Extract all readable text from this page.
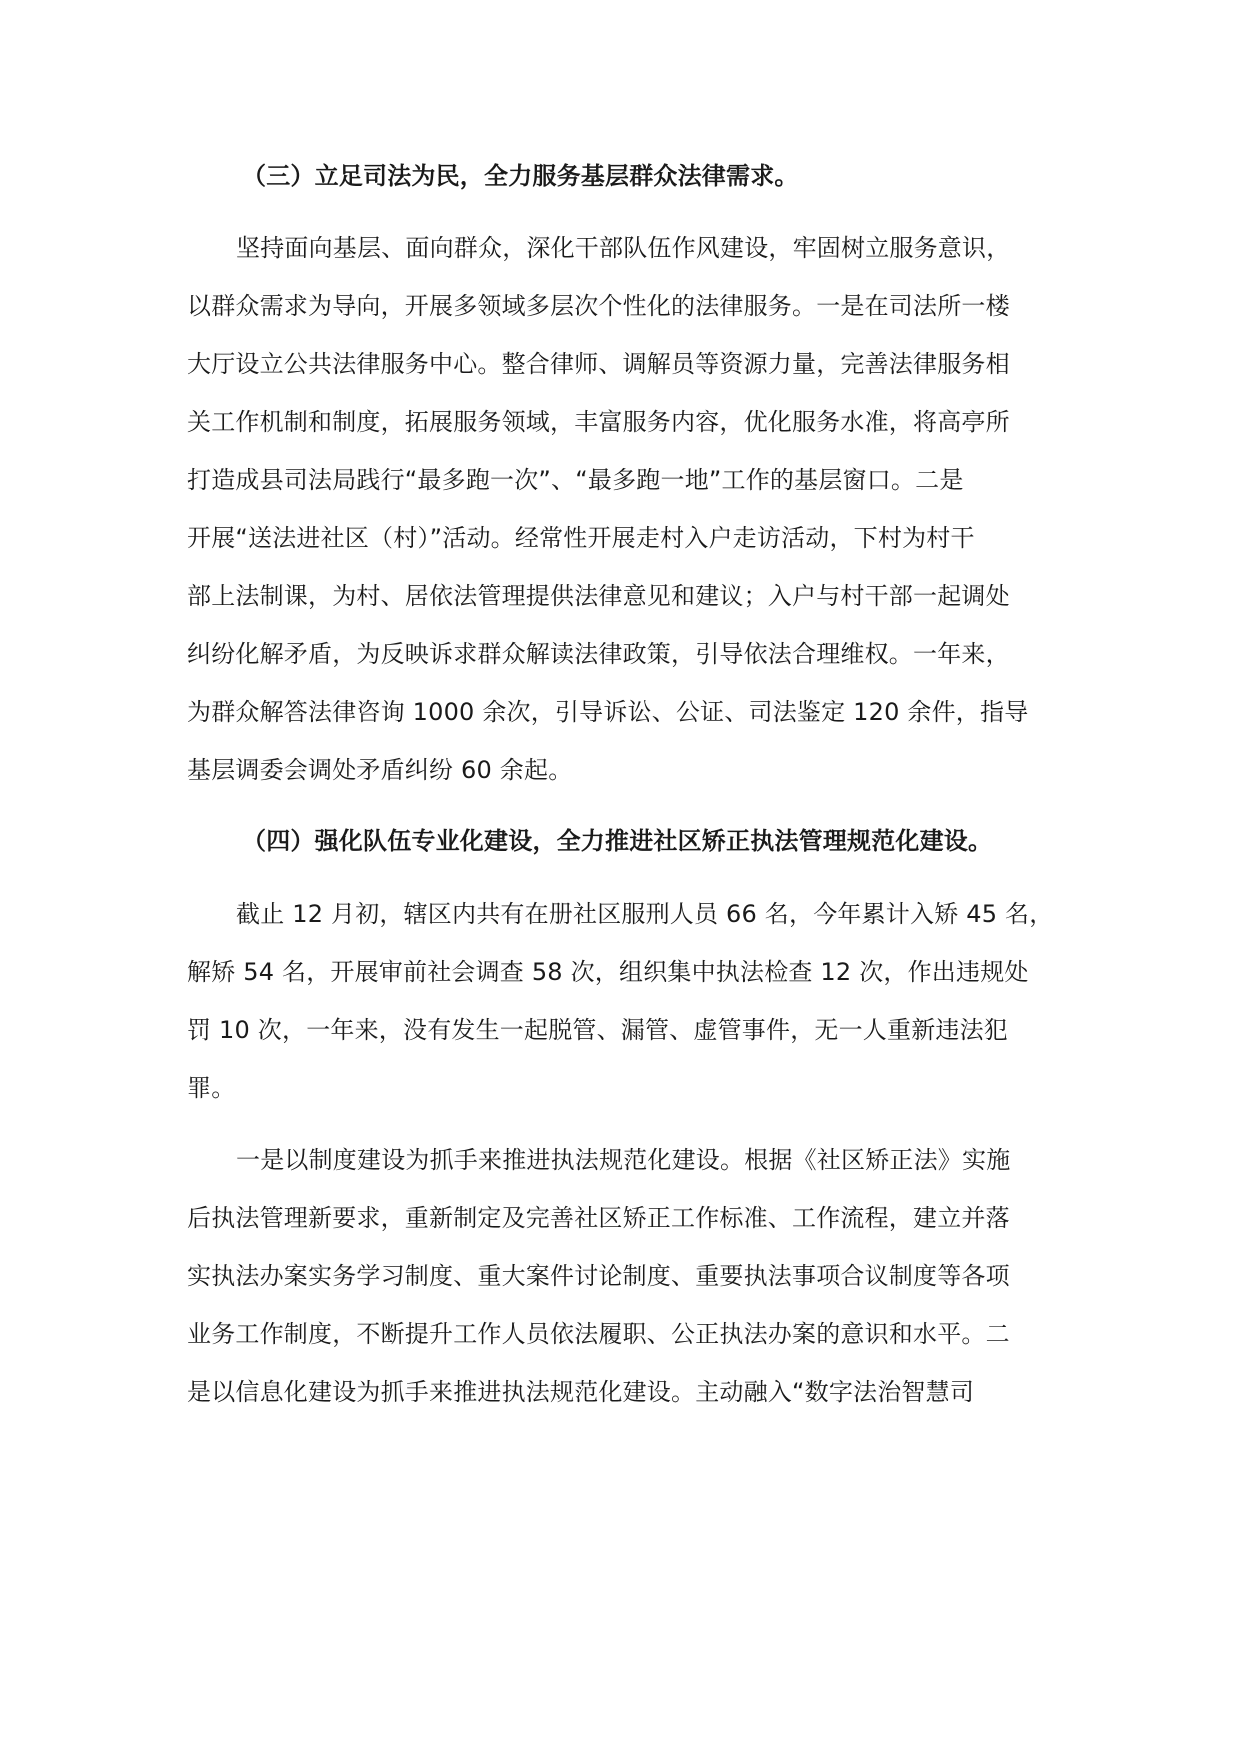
（三）立足司法为民，全力服务基层群众法律需求。
坚持面向基层、面向群众，深化干部队伍作风建设，牢固树立服务意识，
以群众需求为导向，开展多领域多层次个性化的法律服务。一是在司法所一楼
大厅设立公共法律服务中心。整合律师、调解员等资源力量，完善法律服务相
关工作机制和制度，拓展服务领域，丰富服务内容，优化服务水准，将高亭所
打造成县司法局践行“最多跑一次”、“最多跑一地”工作的基层窗口。二是
开展“送法进社区（村）”活动。经常性开展走村入户走访活动，下村为村干
部上法制课，为村、居依法管理提供法律意见和建议；入户与村干部一起调处
纠纷化解矛盾，为反映诉求群众解读法律政策，引导依法合理维权。一年来，
为群众解答法律咨询 1000 余次，引导诉讼、公证、司法鉴定 120 余件，指导
基层调委会调处矛盾纠纷 60 余起。
（四）强化队伍专业化建设，全力推进社区矫正执法管理规范化建设。
截止 12 月初，辖区内共有在册社区服刑人员 66 名，今年累计入矫 45 名，
解矫 54 名，开展审前社会调查 58 次，组织集中执法检查 12 次，作出违规处
罚 10 次，一年来，没有发生一起脱管、漏管、虚管事件，无一人重新违法犯
罪。
一是以制度建设为抓手来推进执法规范化建设。根据《社区矫正法》实施
后执法管理新要求，重新制定及完善社区矫正工作标准、工作流程，建立并落
实执法办案实务学习制度、重大案件讨论制度、重要执法事项合议制度等各项
业务工作制度，不断提升工作人员依法履职、公正执法办案的意识和水平。二
是以信息化建设为抓手来推进执法规范化建设。主动融入“数字法治智慧司
